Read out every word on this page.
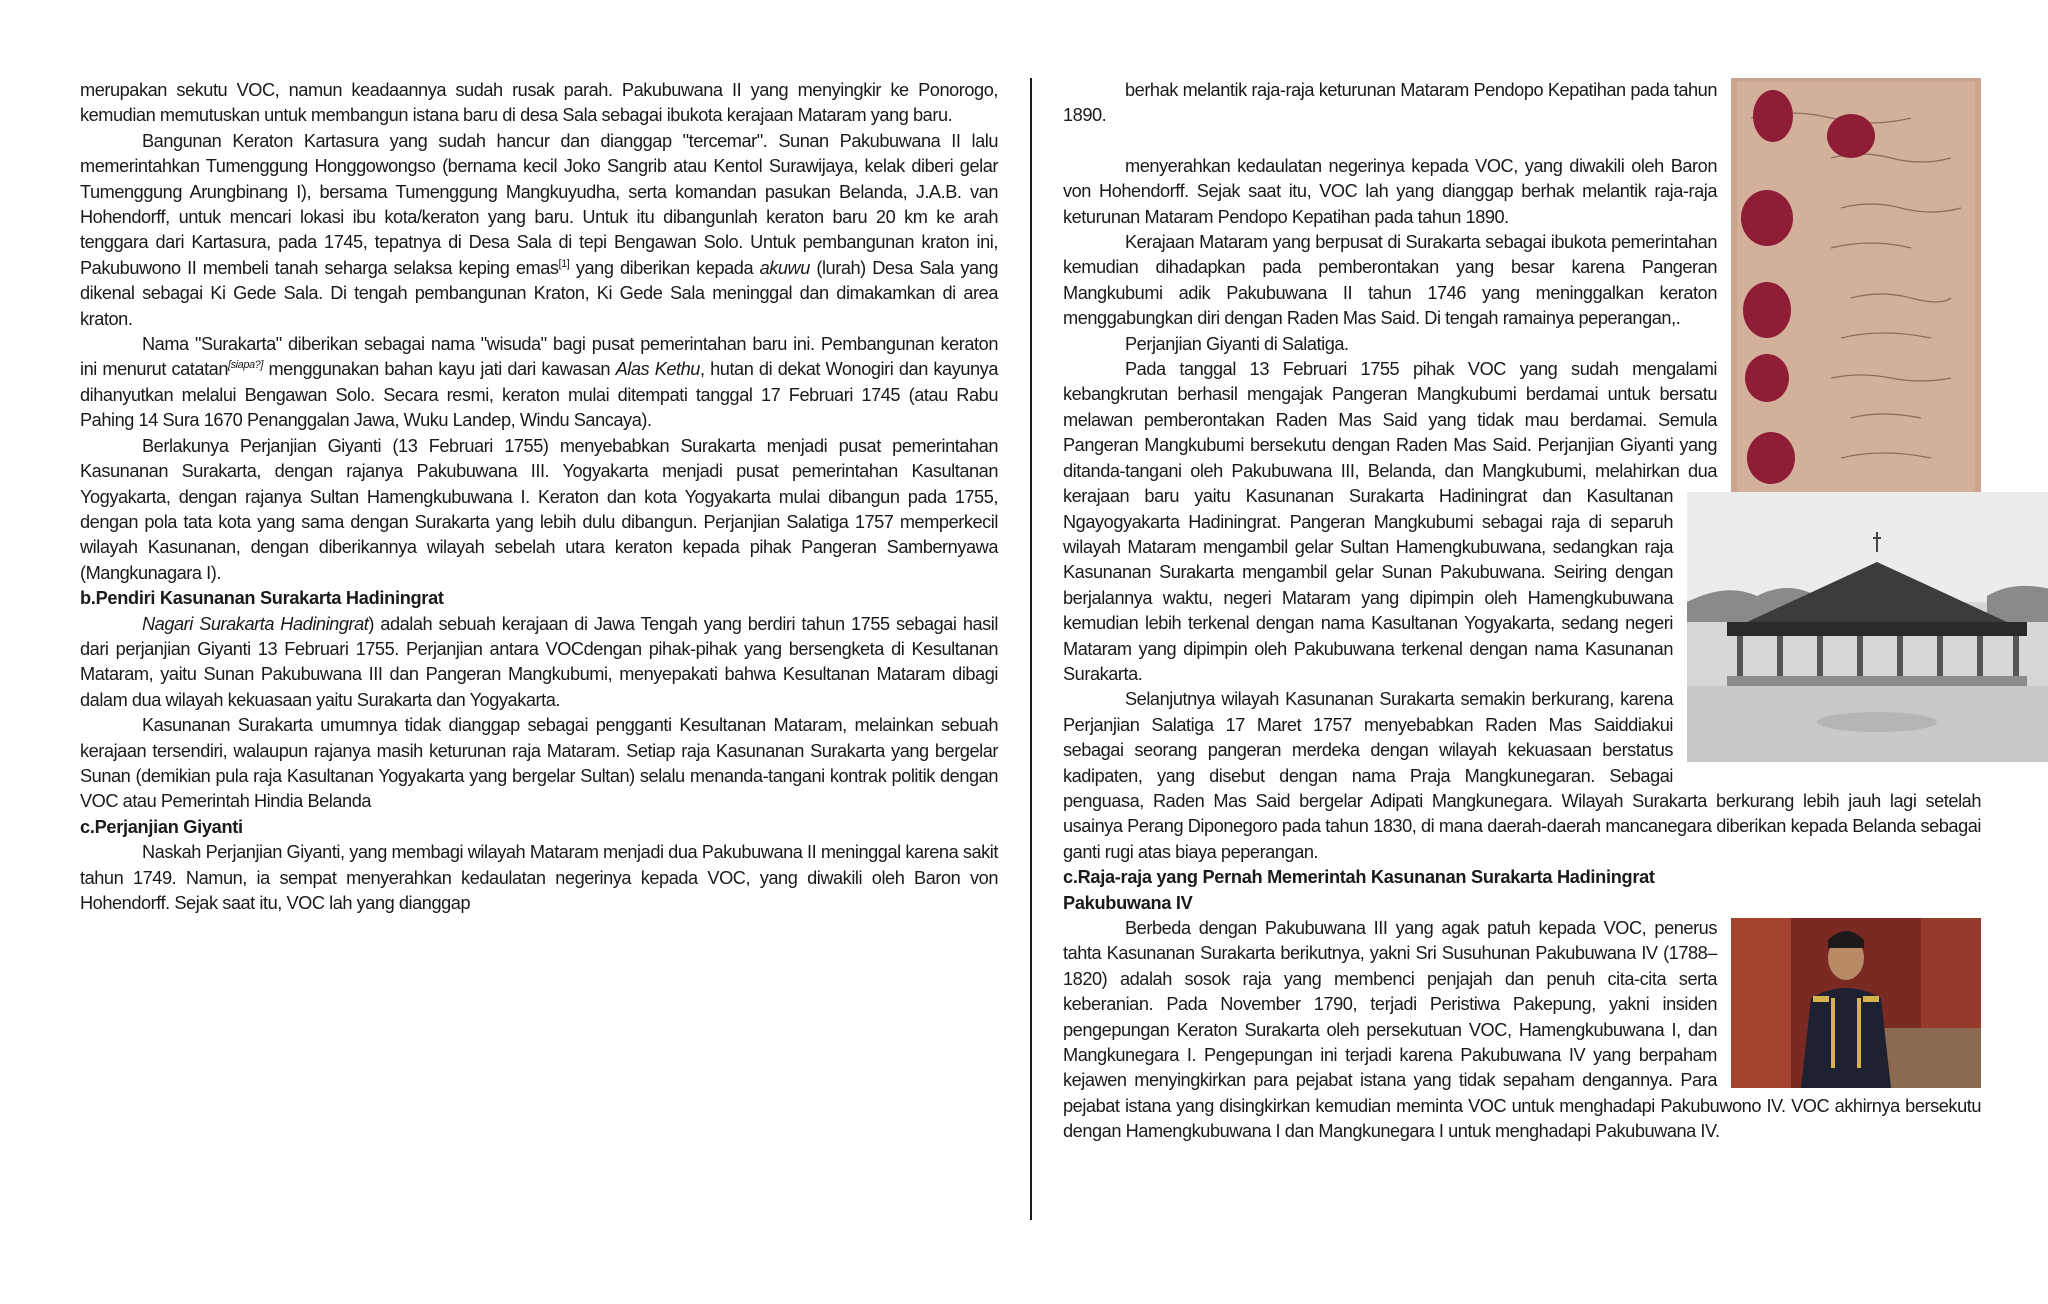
merupakan sekutu VOC, namun keadaannya sudah rusak parah. Pakubuwana II yang menyingkir ke Ponorogo, kemudian memutuskan untuk membangun istana baru di desa Sala sebagai ibukota kerajaan Mataram yang baru.

Bangunan Keraton Kartasura yang sudah hancur dan dianggap "tercemar". Sunan Pakubuwana II lalu memerintahkan Tumenggung Honggowongso (bernama kecil Joko Sangrib atau Kentol Surawijaya, kelak diberi gelar Tumenggung Arungbinang I), bersama Tumenggung Mangkuyudha, serta komandan pasukan Belanda, J.A.B. van Hohendorff, untuk mencari lokasi ibu kota/keraton yang baru. Untuk itu dibangunlah keraton baru 20 km ke arah tenggara dari Kartasura, pada 1745, tepatnya di Desa Sala di tepi Bengawan Solo. Untuk pembangunan kraton ini, Pakubuwono II membeli tanah seharga selaksa keping emas[1] yang diberikan kepada akuwu (lurah) Desa Sala yang dikenal sebagai Ki Gede Sala. Di tengah pembangunan Kraton, Ki Gede Sala meninggal dan dimakamkan di area kraton.

Nama "Surakarta" diberikan sebagai nama "wisuda" bagi pusat pemerintahan baru ini. Pembangunan keraton ini menurut catatan[siapa?] menggunakan bahan kayu jati dari kawasan Alas Kethu, hutan di dekat Wonogiri dan kayunya dihanyutkan melalui Bengawan Solo. Secara resmi, keraton mulai ditempati tanggal 17 Februari 1745 (atau Rabu Pahing 14 Sura 1670 Penanggalan Jawa, Wuku Landep, Windu Sancaya).

Berlakunya Perjanjian Giyanti (13 Februari 1755) menyebabkan Surakarta menjadi pusat pemerintahan Kasunanan Surakarta, dengan rajanya Pakubuwana III. Yogyakarta menjadi pusat pemerintahan Kasultanan Yogyakarta, dengan rajanya Sultan Hamengkubuwana I. Keraton dan kota Yogyakarta mulai dibangun pada 1755, dengan pola tata kota yang sama dengan Surakarta yang lebih dulu dibangun. Perjanjian Salatiga 1757 memperkecil wilayah Kasunanan, dengan diberikannya wilayah sebelah utara keraton kepada pihak Pangeran Sambernyawa (Mangkunagara I).

b.Pendiri Kasunanan Surakarta Hadiningrat

Nagari Surakarta Hadiningrat) adalah sebuah kerajaan di Jawa Tengah yang berdiri tahun 1755 sebagai hasil dari perjanjian Giyanti 13 Februari 1755. Perjanjian antara VOCdengan pihak-pihak yang bersengketa di Kesultanan Mataram, yaitu Sunan Pakubuwana III dan Pangeran Mangkubumi, menyepakati bahwa Kesultanan Mataram dibagi dalam dua wilayah kekuasaan yaitu Surakarta dan Yogyakarta.

Kasunanan Surakarta umumnya tidak dianggap sebagai pengganti Kesultanan Mataram, melainkan sebuah kerajaan tersendiri, walaupun rajanya masih keturunan raja Mataram. Setiap raja Kasunanan Surakarta yang bergelar Sunan (demikian pula raja Kasultanan Yogyakarta yang bergelar Sultan) selalu menanda-tangani kontrak politik dengan VOC atau Pemerintah Hindia Belanda

c.Perjanjian Giyanti

Naskah Perjanjian Giyanti, yang membagi wilayah Mataram menjadi dua Pakubuwana II meninggal karena sakit tahun 1749. Namun, ia sempat menyerahkan kedaulatan negerinya kepada VOC, yang diwakili oleh Baron von Hohendorff. Sejak saat itu, VOC lah yang dianggap

berhak melantik raja-raja keturunan Mataram Pendopo Kepatihan pada tahun 1890.

menyerahkan kedaulatan negerinya kepada VOC, yang diwakili oleh Baron von Hohendorff. Sejak saat itu, VOC lah yang dianggap berhak melantik raja-raja keturunan Mataram Pendopo Kepatihan pada tahun 1890.

Kerajaan Mataram yang berpusat di Surakarta sebagai ibukota pemerintahan kemudian dihadapkan pada pemberontakan yang besar karena Pangeran Mangkubumi adik Pakubuwana II tahun 1746 yang meninggalkan keraton menggabungkan diri dengan Raden Mas Said. Di tengah ramainya peperangan,.

Perjanjian Giyanti di Salatiga.

Pada tanggal 13 Februari 1755 pihak VOC yang sudah mengalami kebangkrutan berhasil mengajak Pangeran Mangkubumi berdamai untuk bersatu melawan pemberontakan Raden Mas Said yang tidak mau berdamai. Semula Pangeran Mangkubumi bersekutu dengan Raden Mas Said. Perjanjian Giyanti yang ditanda-tangani oleh Pakubuwana III, Belanda, dan Mangkubumi, melahirkan dua kerajaan baru yaitu Kasunanan Surakarta Hadiningrat dan Kasultanan Ngayogyakarta Hadiningrat. Pangeran Mangkubumi sebagai raja di separuh wilayah Mataram mengambil gelar Sultan Hamengkubuwana, sedangkan raja Kasunanan Surakarta mengambil gelar Sunan Pakubuwana. Seiring dengan berjalannya waktu, negeri Mataram yang dipimpin oleh Hamengkubuwana kemudian lebih terkenal dengan nama Kasultanan Yogyakarta, sedang negeri Mataram yang dipimpin oleh Pakubuwana terkenal dengan nama Kasunanan Surakarta.

Selanjutnya wilayah Kasunanan Surakarta semakin berkurang, karena Perjanjian Salatiga 17 Maret 1757 menyebabkan Raden Mas Saiddiakui sebagai seorang pangeran merdeka dengan wilayah kekuasaan berstatus kadipaten, yang disebut dengan nama Praja Mangkunegaran. Sebagai penguasa, Raden Mas Said bergelar Adipati Mangkunegara. Wilayah Surakarta berkurang lebih jauh lagi setelah usainya Perang Diponegoro pada tahun 1830, di mana daerah-daerah mancanegara diberikan kepada Belanda sebagai ganti rugi atas biaya peperangan.

c.Raja-raja yang Pernah Memerintah Kasunanan Surakarta Hadiningrat
Pakubuwana IV

Berbeda dengan Pakubuwana III yang agak patuh kepada VOC, penerus tahta Kasunanan Surakarta berikutnya, yakni Sri Susuhunan Pakubuwana IV (1788–1820) adalah sosok raja yang membenci penjajah dan penuh cita-cita serta keberanian. Pada November 1790, terjadi Peristiwa Pakepung, yakni insiden pengepungan Keraton Surakarta oleh persekutuan VOC, Hamengkubuwana I, dan Mangkunegara I. Pengepungan ini terjadi karena Pakubuwana IV yang berpaham kejawen menyingkirkan para pejabat istana yang tidak sepaham dengannya. Para pejabat istana yang disingkirkan kemudian meminta VOC untuk menghadapi Pakubuwono IV. VOC akhirnya bersekutu dengan Hamengkubuwana I dan Mangkunegara I untuk menghadapi Pakubuwana IV.
